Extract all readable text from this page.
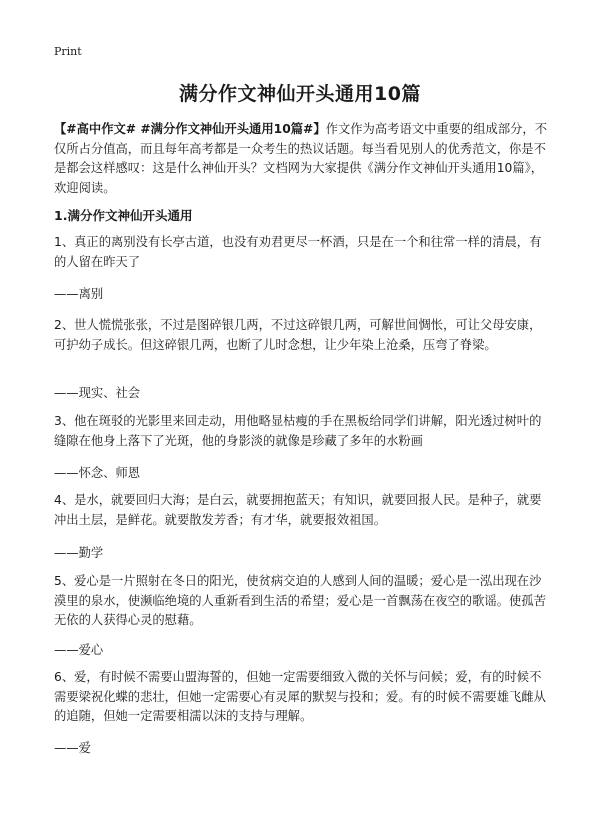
Print
满分作文神仙开头通用10篇
【#高中作文# #满分作文神仙开头通用10篇#】作文作为高考语文中重要的组成部分，不仅所占分值高，而且每年高考都是一众考生的热议话题。每当看见别人的优秀范文，你是不是都会这样感叹：这是什么神仙开头？文档网为大家提供《满分作文神仙开头通用10篇》，欢迎阅读。
1.满分作文神仙开头通用
1、真正的离别没有长亭古道，也没有劝君更尽一杯酒，只是在一个和往常一样的清晨，有的人留在昨天了
——离别
2、世人慌慌张张，不过是图碎银几两，不过这碎银几两，可解世间惆怅，可让父母安康，可护幼子成长。但这碎银几两，也断了儿时念想，让少年染上沧桑，压弯了脊梁。
——现实、社会
3、他在斑驳的光影里来回走动，用他略显枯瘦的手在黑板给同学们讲解，阳光透过树叶的缝隙在他身上落下了光斑，他的身影淡的就像是珍藏了多年的水粉画
——怀念、师恩
4、是水，就要回归大海；是白云，就要拥抱蓝天；有知识，就要回报人民。是种子，就要冲出土层，是鲜花。就要散发芳香；有才华，就要报效祖国。
——勤学
5、爱心是一片照射在冬日的阳光，使贫病交迫的人感到人间的温暖；爱心是一泓出现在沙漠里的泉水，使濒临绝境的人重新看到生活的希望；爱心是一首飘荡在夜空的歌谣。使孤苦无依的人获得心灵的慰藉。
——爱心
6、爱，有时候不需要山盟海誓的，但她一定需要细致入微的关怀与问候；爱，有的时候不需要梁祝化蝶的悲壮，但她一定需要心有灵犀的默契与投和；爱。有的时候不需要雄飞雌从的追随，但她一定需要相濡以沫的支持与理解。
——爱
